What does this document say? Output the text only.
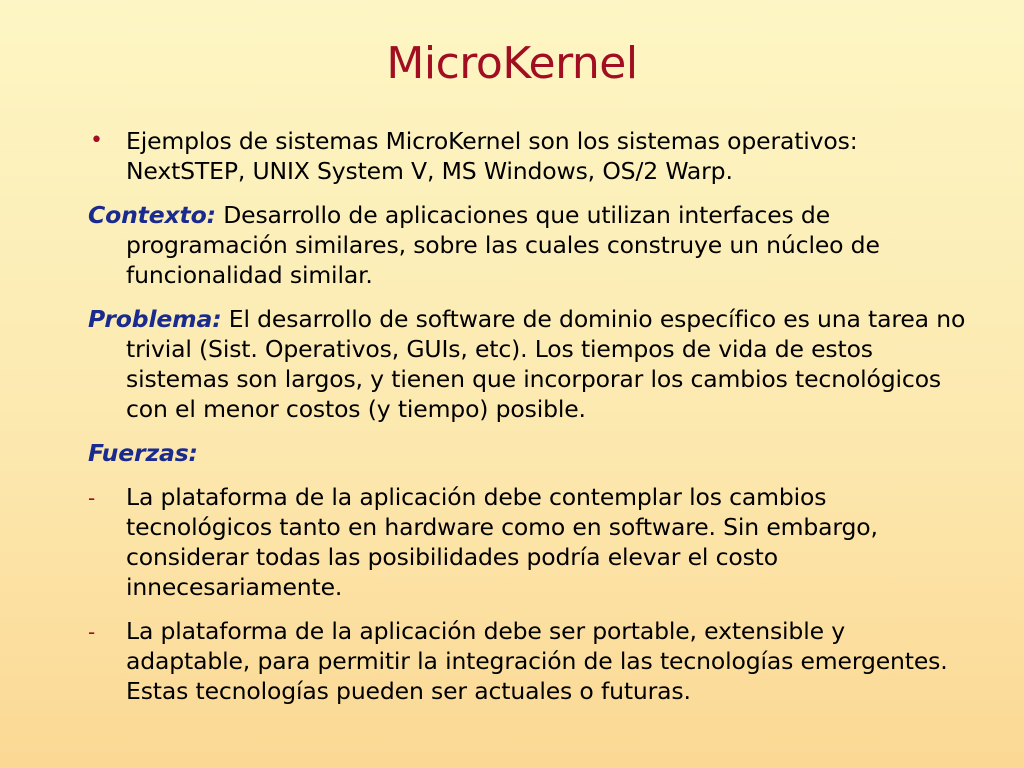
MicroKernel
• Ejemplos de sistemas MicroKernel son los sistemas operativos: NextSTEP, UNIX System V, MS Windows, OS/2 Warp.
Contexto: Desarrollo de aplicaciones que utilizan interfaces de programación similares, sobre las cuales construye un núcleo de funcionalidad similar.
Problema: El desarrollo de software de dominio específico es una tarea no trivial (Sist. Operativos, GUIs, etc). Los tiempos de vida de estos sistemas son largos, y tienen que incorporar los cambios tecnológicos con el menor costos (y tiempo) posible.
Fuerzas:
-	La plataforma de la aplicación debe contemplar los cambios tecnológicos tanto en hardware como en software. Sin embargo, considerar todas las posibilidades podría elevar el costo innecesariamente.
-	La plataforma de la aplicación debe ser portable, extensible y adaptable, para permitir la integración de las tecnologías emergentes. Estas tecnologías pueden ser actuales o futuras.
